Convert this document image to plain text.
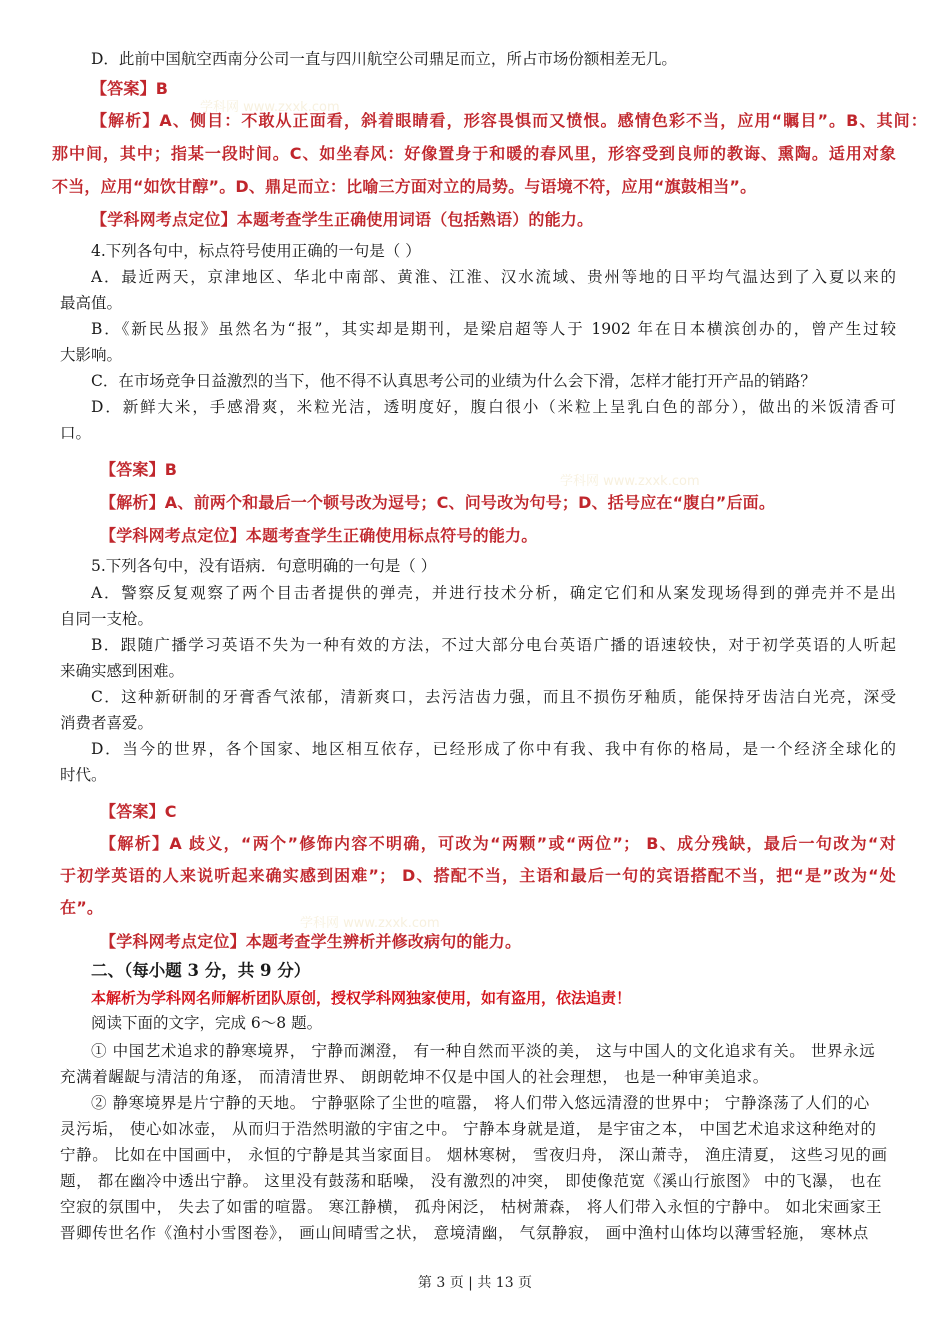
学科网 www.zxxk.com
学科网 www.zxxk.com
学科网 www.zxxk.com
D．此前中国航空西南分公司一直与四川航空公司鼎足而立，所占市场份额相差无几。
【答案】B
【解析】A、侧目：不敢从正面看，斜着眼睛看，形容畏惧而又愤恨。感情色彩不当，应用“瞩目”。B、其间：
那中间，其中；指某一段时间。C、如坐春风：好像置身于和暖的春风里，形容受到良师的教诲、熏陶。适用对象
不当，应用“如饮甘醇”。D、鼎足而立：比喻三方面对立的局势。与语境不符，应用“旗鼓相当”。
【学科网考点定位】本题考查学生正确使用词语（包括熟语）的能力。
4.下列各句中，标点符号使用正确的一句是（ ）
A．最近两天，京津地区、华北中南部、黄淮、江淮、汉水流域、贵州等地的日平均气温达到了入夏以来的
最高值。
B．《新民丛报》虽然名为“报”，其实却是期刊，是梁启超等人于 1902 年在日本横滨创办的，曾产生过较
大影响。
C．在市场竞争日益激烈的当下，他不得不认真思考公司的业绩为什么会下滑，怎样才能打开产品的销路？
D．新鲜大米，手感滑爽，米粒光洁，透明度好，腹白很小（米粒上呈乳白色的部分），做出的米饭清香可
口。
【答案】B
【解析】A、前两个和最后一个顿号改为逗号；C、问号改为句号；D、括号应在“腹白”后面。
【学科网考点定位】本题考查学生正确使用标点符号的能力。
5.下列各句中，没有语病．句意明确的一句是（ ）
A．警察反复观察了两个目击者提供的弹壳，并进行技术分析，确定它们和从案发现场得到的弹壳并不是出
自同一支枪。
B．跟随广播学习英语不失为一种有效的方法，不过大部分电台英语广播的语速较快，对于初学英语的人听起
来确实感到困难。
C．这种新研制的牙膏香气浓郁，清新爽口，去污洁齿力强，而且不损伤牙釉质，能保持牙齿洁白光亮，深受
消费者喜爱。
D．当今的世界，各个国家、地区相互依存，已经形成了你中有我、我中有你的格局，是一个经济全球化的
时代。
【答案】C
【解析】A 歧义，“两个”修饰内容不明确，可改为“两颗”或“两位”； B、成分残缺，最后一句改为“对
于初学英语的人来说听起来确实感到困难”； D、搭配不当，主语和最后一句的宾语搭配不当，把“是”改为“处
在”。
【学科网考点定位】本题考查学生辨析并修改病句的能力。
二、（每小题 3 分，共 9 分）
本解析为学科网名师解析团队原创，授权学科网独家使用，如有盗用，依法追责！
阅读下面的文字，完成 6～8 题。
① 中国艺术追求的静寒境界， 宁静而渊澄， 有一种自然而平淡的美， 这与中国人的文化追求有关。 世界永远
充满着龌龊与清洁的角逐， 而清清世界、 朗朗乾坤不仅是中国人的社会理想， 也是一种审美追求。
② 静寒境界是片宁静的天地。 宁静驱除了尘世的喧嚣， 将人们带入悠远清澄的世界中； 宁静涤荡了人们的心
灵污垢， 使心如冰壶， 从而归于浩然明澈的宇宙之中。 宁静本身就是道， 是宇宙之本， 中国艺术追求这种绝对的
宁静。 比如在中国画中， 永恒的宁静是其当家面目。 烟林寒树， 雪夜归舟， 深山萧寺， 渔庄清夏， 这些习见的画
题， 都在幽冷中透出宁静。 这里没有鼓荡和聒噪， 没有激烈的冲突， 即使像范宽《溪山行旅图》 中的飞瀑， 也在
空寂的氛围中， 失去了如雷的喧嚣。 寒江静横， 孤舟闲泛， 枯树萧森， 将人们带入永恒的宁静中。 如北宋画家王
晋卿传世名作《渔村小雪图卷》， 画山间晴雪之状， 意境清幽， 气氛静寂， 画中渔村山体均以薄雪轻施， 寒林点
第 3 页 | 共 13 页
